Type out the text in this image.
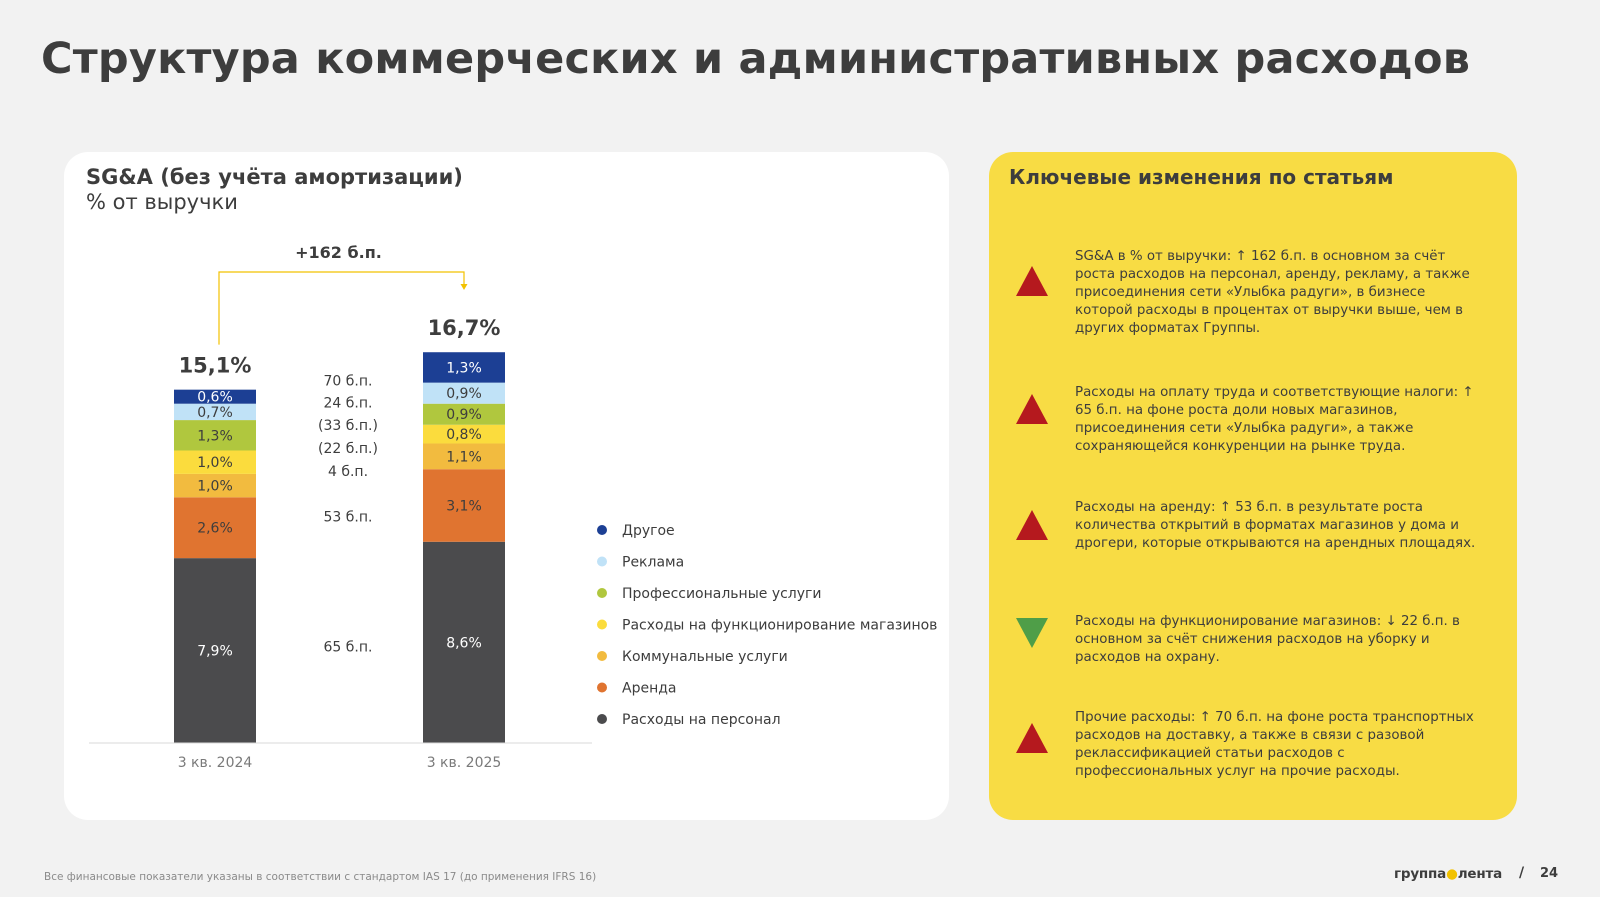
Структура коммерческих и административных расходов
SG&A (без учёта амортизации)
% от выручки
7,9%
2,6%
1,0%
1,0%
1,3%
0,7%
0,6%
3 кв. 2024
15,1%
8,6%
3,1%
1,1%
0,8%
0,9%
0,9%
1,3%
3 кв. 2025
16,7%
65 б.п.
53 б.п.
4 б.п.
(22 б.п.)
(33 б.п.)
24 б.п.
70 б.п.
+162 б.п.
Другое
Реклама
Профессиональные услуги
Расходы на функционирование магазинов
Коммунальные услуги
Аренда
Расходы на персонал
Ключевые изменения по статьям
SG&A в % от выручки: ↑ 162 б.п. в основном за счёт роста расходов на персонал, аренду, рекламу, а также присоединения сети «Улыбка радуги», в бизнесе которой расходы в процентах от выручки выше, чем в других форматах Группы.
Расходы на оплату труда и соответствующие налоги: ↑ 65 б.п. на фоне роста доли новых магазинов, присоединения сети «Улыбка радуги», а также сохраняющейся конкуренции на рынке труда.
Расходы на аренду: ↑ 53 б.п. в результате роста количества открытий в форматах магазинов у дома и дрогери, которые открываются на арендных площадях.
Расходы на функционирование магазинов: ↓ 22 б.п. в основном за счёт снижения расходов на уборку и расходов на охрану.
Прочие расходы: ↑ 70 б.п. на фоне роста транспортных расходов на доставку, а также в связи с разовой реклассификацией статьи расходов с профессиональных услуг на прочие расходы.
Все финансовые показатели указаны в соответствии с стандартом IAS 17 (до применения IFRS 16)	группа●лента / 24
